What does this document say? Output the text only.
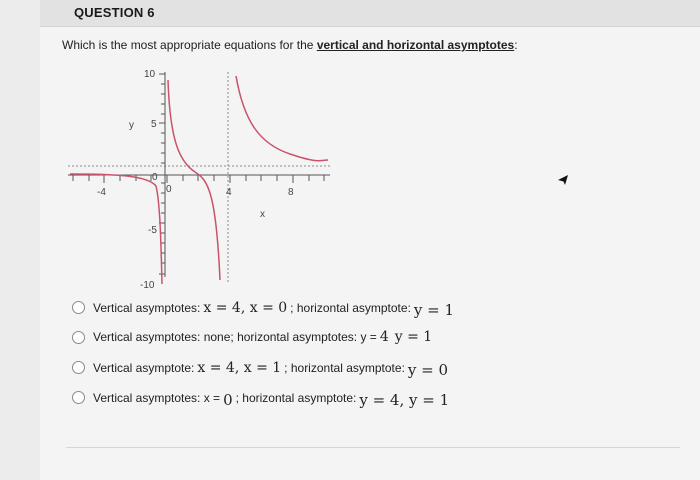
QUESTION 6
Which is the most appropriate equations for the vertical and horizontal asymptotes:
10
y 5
-5
-10
-4
0
0	4	8
x
Vertical asymptotes: x = 4, x = 0 ; horizontal asymptote: y = 1
Vertical asymptotes: none; horizontal asymptotes: y = 4 y = 1
Vertical asymptote: x = 4, x = 1 ; horizontal asymptote: y = 0
Vertical asymptotes: x = 0 ; horizontal asymptote: y = 4, y = 1
